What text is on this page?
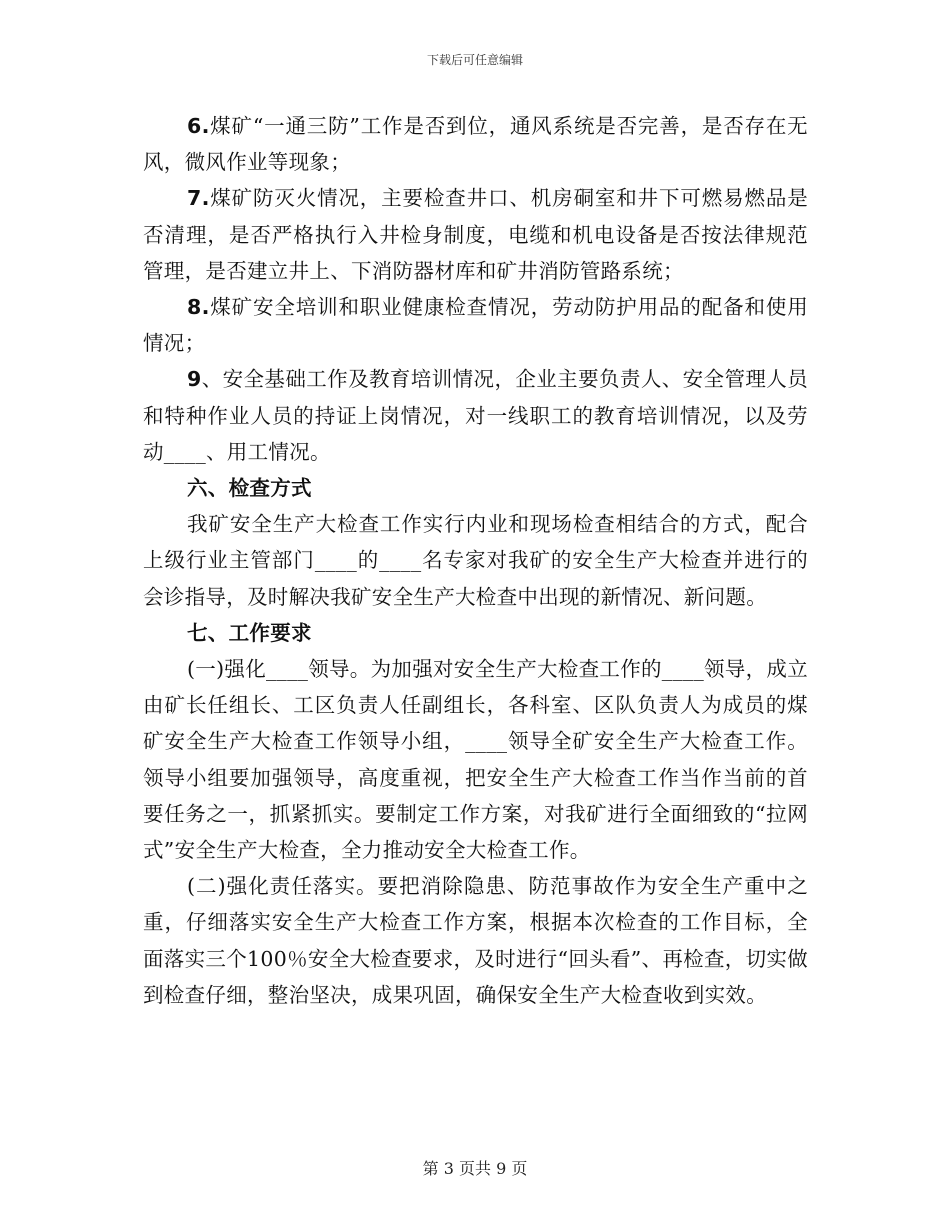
下载后可任意编辑

6.煤矿“一通三防”工作是否到位，通风系统是否完善，是否存在无风，微风作业等现象；

7.煤矿防灭火情况，主要检查井口、机房硐室和井下可燃易燃品是否清理，是否严格执行入井检身制度，电缆和机电设备是否按法律规范管理，是否建立井上、下消防器材库和矿井消防管路系统；

8.煤矿安全培训和职业健康检查情况，劳动防护用品的配备和使用情况；

9、安全基础工作及教育培训情况，企业主要负责人、安全管理人员和特种作业人员的持证上岗情况，对一线职工的教育培训情况，以及劳动____、用工情况。

六、检查方式

我矿安全生产大检查工作实行内业和现场检查相结合的方式，配合上级行业主管部门____的____名专家对我矿的安全生产大检查并进行的会诊指导，及时解决我矿安全生产大检查中出现的新情况、新问题。

七、工作要求

(一)强化____领导。为加强对安全生产大检查工作的____领导，成立由矿长任组长、工区负责人任副组长，各科室、区队负责人为成员的煤矿安全生产大检查工作领导小组，____领导全矿安全生产大检查工作。领导小组要加强领导，高度重视，把安全生产大检查工作当作当前的首要任务之一，抓紧抓实。要制定工作方案，对我矿进行全面细致的“拉网式”安全生产大检查，全力推动安全大检查工作。

(二)强化责任落实。要把消除隐患、防范事故作为安全生产重中之重，仔细落实安全生产大检查工作方案，根据本次检查的工作目标，全面落实三个100％安全大检查要求，及时进行“回头看”、再检查，切实做到检查仔细，整治坚决，成果巩固，确保安全生产大检查收到实效。

第 3 页共 9 页
